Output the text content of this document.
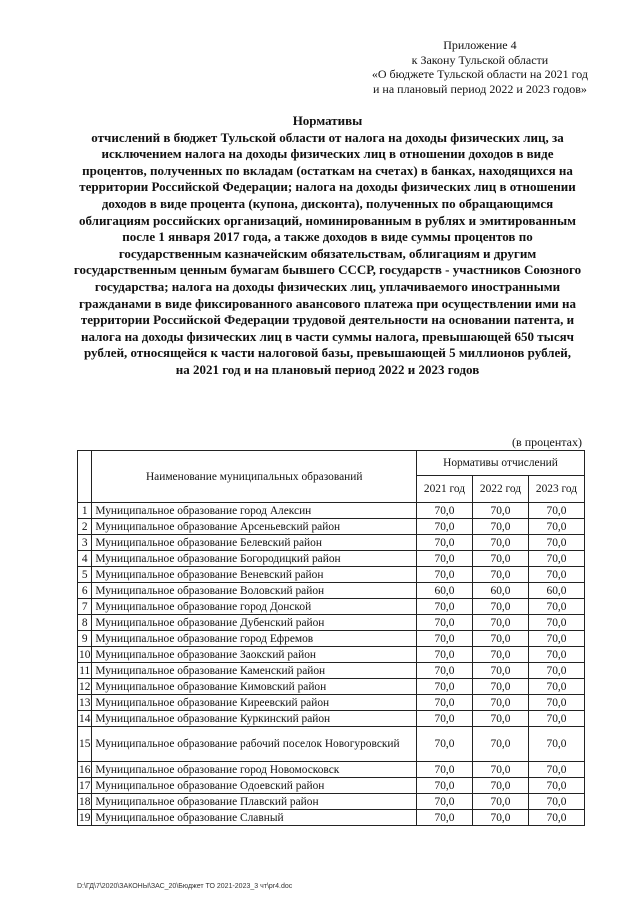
Приложение 4
к Закону Тульской области
«О бюджете Тульской области на 2021 год
и на плановый период 2022 и 2023 годов»
Нормативы
отчислений в бюджет Тульской области от налога на доходы физических лиц, за исключением налога на доходы физических лиц в отношении доходов в виде процентов, полученных по вкладам (остаткам на счетах) в банках, находящихся на территории Российской Федерации; налога на доходы физических лиц в отношении доходов в виде процента (купона, дисконта), полученных по обращающимся облигациям российских организаций, номинированным в рублях и эмитированным после 1 января 2017 года, а также доходов в виде суммы процентов по государственным казначейским обязательствам, облигациям и другим государственным ценным бумагам бывшего СССР, государств - участников Союзного государства; налога на доходы физических лиц, уплачиваемого иностранными гражданами в виде фиксированного авансового платежа при осуществлении ими на территории Российской Федерации трудовой деятельности на основании патента, и налога на доходы физических лиц в части суммы налога, превышающей 650 тысяч рублей, относящейся к части налоговой базы, превышающей 5 миллионов рублей,
на 2021 год и на плановый период 2022 и 2023 годов
(в процентах)
	Наименование муниципальных образований	Нормативы отчислений		
		2021 год	2022 год	2023 год
1	Муниципальное образование город Алексин	70,0	70,0	70,0
2	Муниципальное образование Арсеньевский район	70,0	70,0	70,0
3	Муниципальное образование Белевский район	70,0	70,0	70,0
4	Муниципальное образование Богородицкий район	70,0	70,0	70,0
5	Муниципальное образование Веневский район	70,0	70,0	70,0
6	Муниципальное образование Воловский район	60,0	60,0	60,0
7	Муниципальное образование город Донской	70,0	70,0	70,0
8	Муниципальное образование Дубенский район	70,0	70,0	70,0
9	Муниципальное образование город Ефремов	70,0	70,0	70,0
10	Муниципальное образование Заокский район	70,0	70,0	70,0
11	Муниципальное образование Каменский район	70,0	70,0	70,0
12	Муниципальное образование Кимовский район	70,0	70,0	70,0
13	Муниципальное образование Киреевский район	70,0	70,0	70,0
14	Муниципальное образование Куркинский район	70,0	70,0	70,0
15	Муниципальное образование рабочий поселок Новогуровский	70,0	70,0	70,0
16	Муниципальное образование город Новомосковск	70,0	70,0	70,0
17	Муниципальное образование Одоевский район	70,0	70,0	70,0
18	Муниципальное образование Плавский район	70,0	70,0	70,0
19	Муниципальное образование Славный	70,0	70,0	70,0
D:\ГД\7\2020\ЗАКОНЫ\ЗАС_20\Бюджет ТО 2021-2023_3 чт\pr4.doc
